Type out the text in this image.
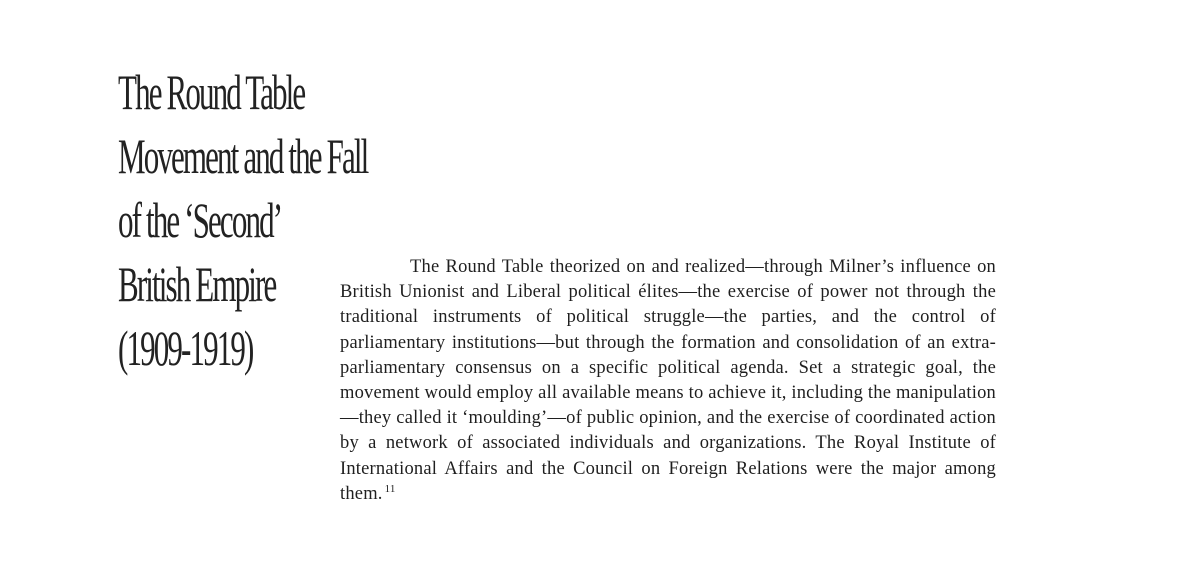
The Round Table
Movement and the Fall
of the ‘Second’
British Empire
(1909-1919)

The Round Table theorized on and realized—through Milner’s influence on British Unionist and Liberal political élites—the exercise of power not through the traditional instruments of political struggle—the parties, and the control of parliamentary institutions—but through the formation and consolidation of an extra-parliamentary consensus on a specific political agenda. Set a strategic goal, the movement would employ all available means to achieve it, including the manipulation—they called it ‘moulding’—of public opinion, and the exercise of coordinated action by a network of associated individuals and organizations. The Royal Institute of International Affairs and the Council on Foreign Relations were the major among them. $^{11}$
